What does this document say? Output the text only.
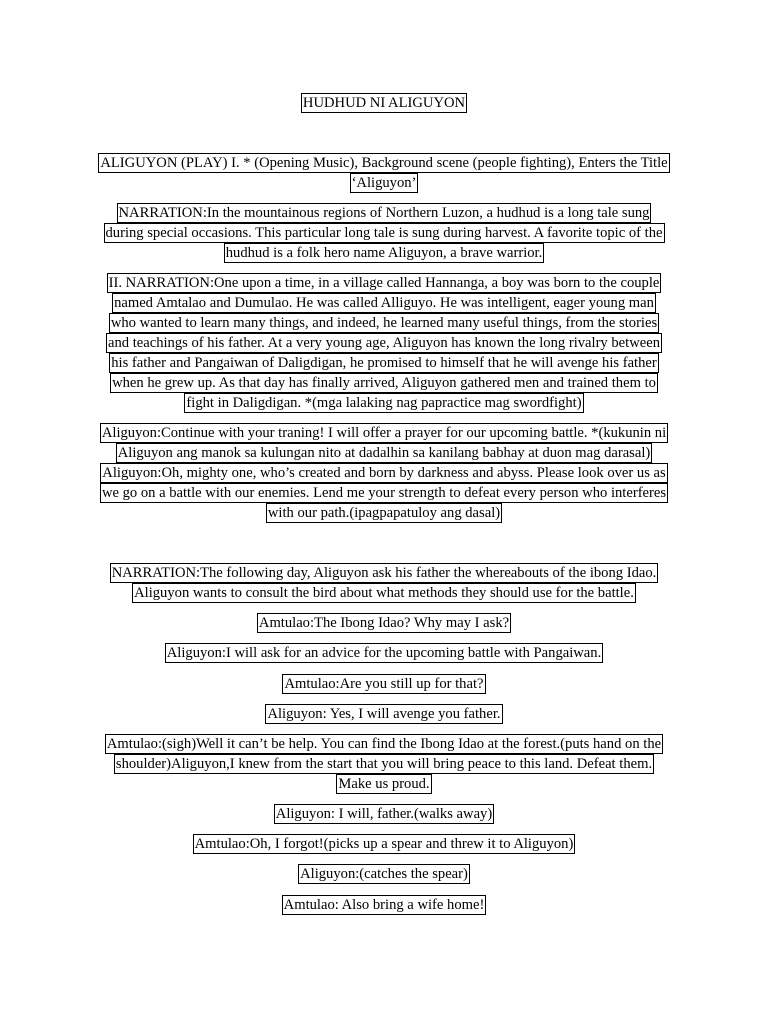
HUDHUD NI ALIGUYON
ALIGUYON (PLAY) I. * (Opening Music), Background scene (people fighting), Enters the Title
‘Aliguyon’
NARRATION:In the mountainous regions of Northern Luzon, a hudhud is a long tale sung
during special occasions. This particular long tale is sung during harvest. A favorite topic of the
hudhud is a folk hero name Aliguyon, a brave warrior.
II. NARRATION:One upon a time, in a village called Hannanga, a boy was born to the couple
named Amtalao and Dumulao. He was called Alliguyo. He was intelligent, eager young man
who wanted to learn many things, and indeed, he learned many useful things, from the stories
and teachings of his father. At a very young age, Aliguyon has known the long rivalry between
his father and Pangaiwan of Daligdigan, he promised to himself that he will avenge his father
when he grew up. As that day has finally arrived, Aliguyon gathered men and trained them to
fight in Daligdigan. *(mga lalaking nag papractice mag swordfight)
Aliguyon:Continue with your traning! I will offer a prayer for our upcoming battle. *(kukunin ni
Aliguyon ang manok sa kulungan nito at dadalhin sa kanilang babhay at duon mag darasal)
Aliguyon:Oh, mighty one, who’s created and born by darkness and abyss. Please look over us as
we go on a battle with our enemies. Lend me your strength to defeat every person who interferes
with our path.(ipagpapatuloy ang dasal)
NARRATION:The following day, Aliguyon ask his father the whereabouts of the ibong Idao.
Aliguyon wants to consult the bird about what methods they should use for the battle.
Amtulao:The Ibong Idao? Why may I ask?
Aliguyon:I will ask for an advice for the upcoming battle with Pangaiwan.
Amtulao:Are you still up for that?
Aliguyon: Yes, I will avenge you father.
Amtulao:(sigh)Well it can’t be help. You can find the Ibong Idao at the forest.(puts hand on the
shoulder)Aliguyon,I knew from the start that you will bring peace to this land. Defeat them.
Make us proud.
Aliguyon: I will, father.(walks away)
Amtulao:Oh, I forgot!(picks up a spear and threw it to Aliguyon)
Aliguyon:(catches the spear)
Amtulao: Also bring a wife home!
